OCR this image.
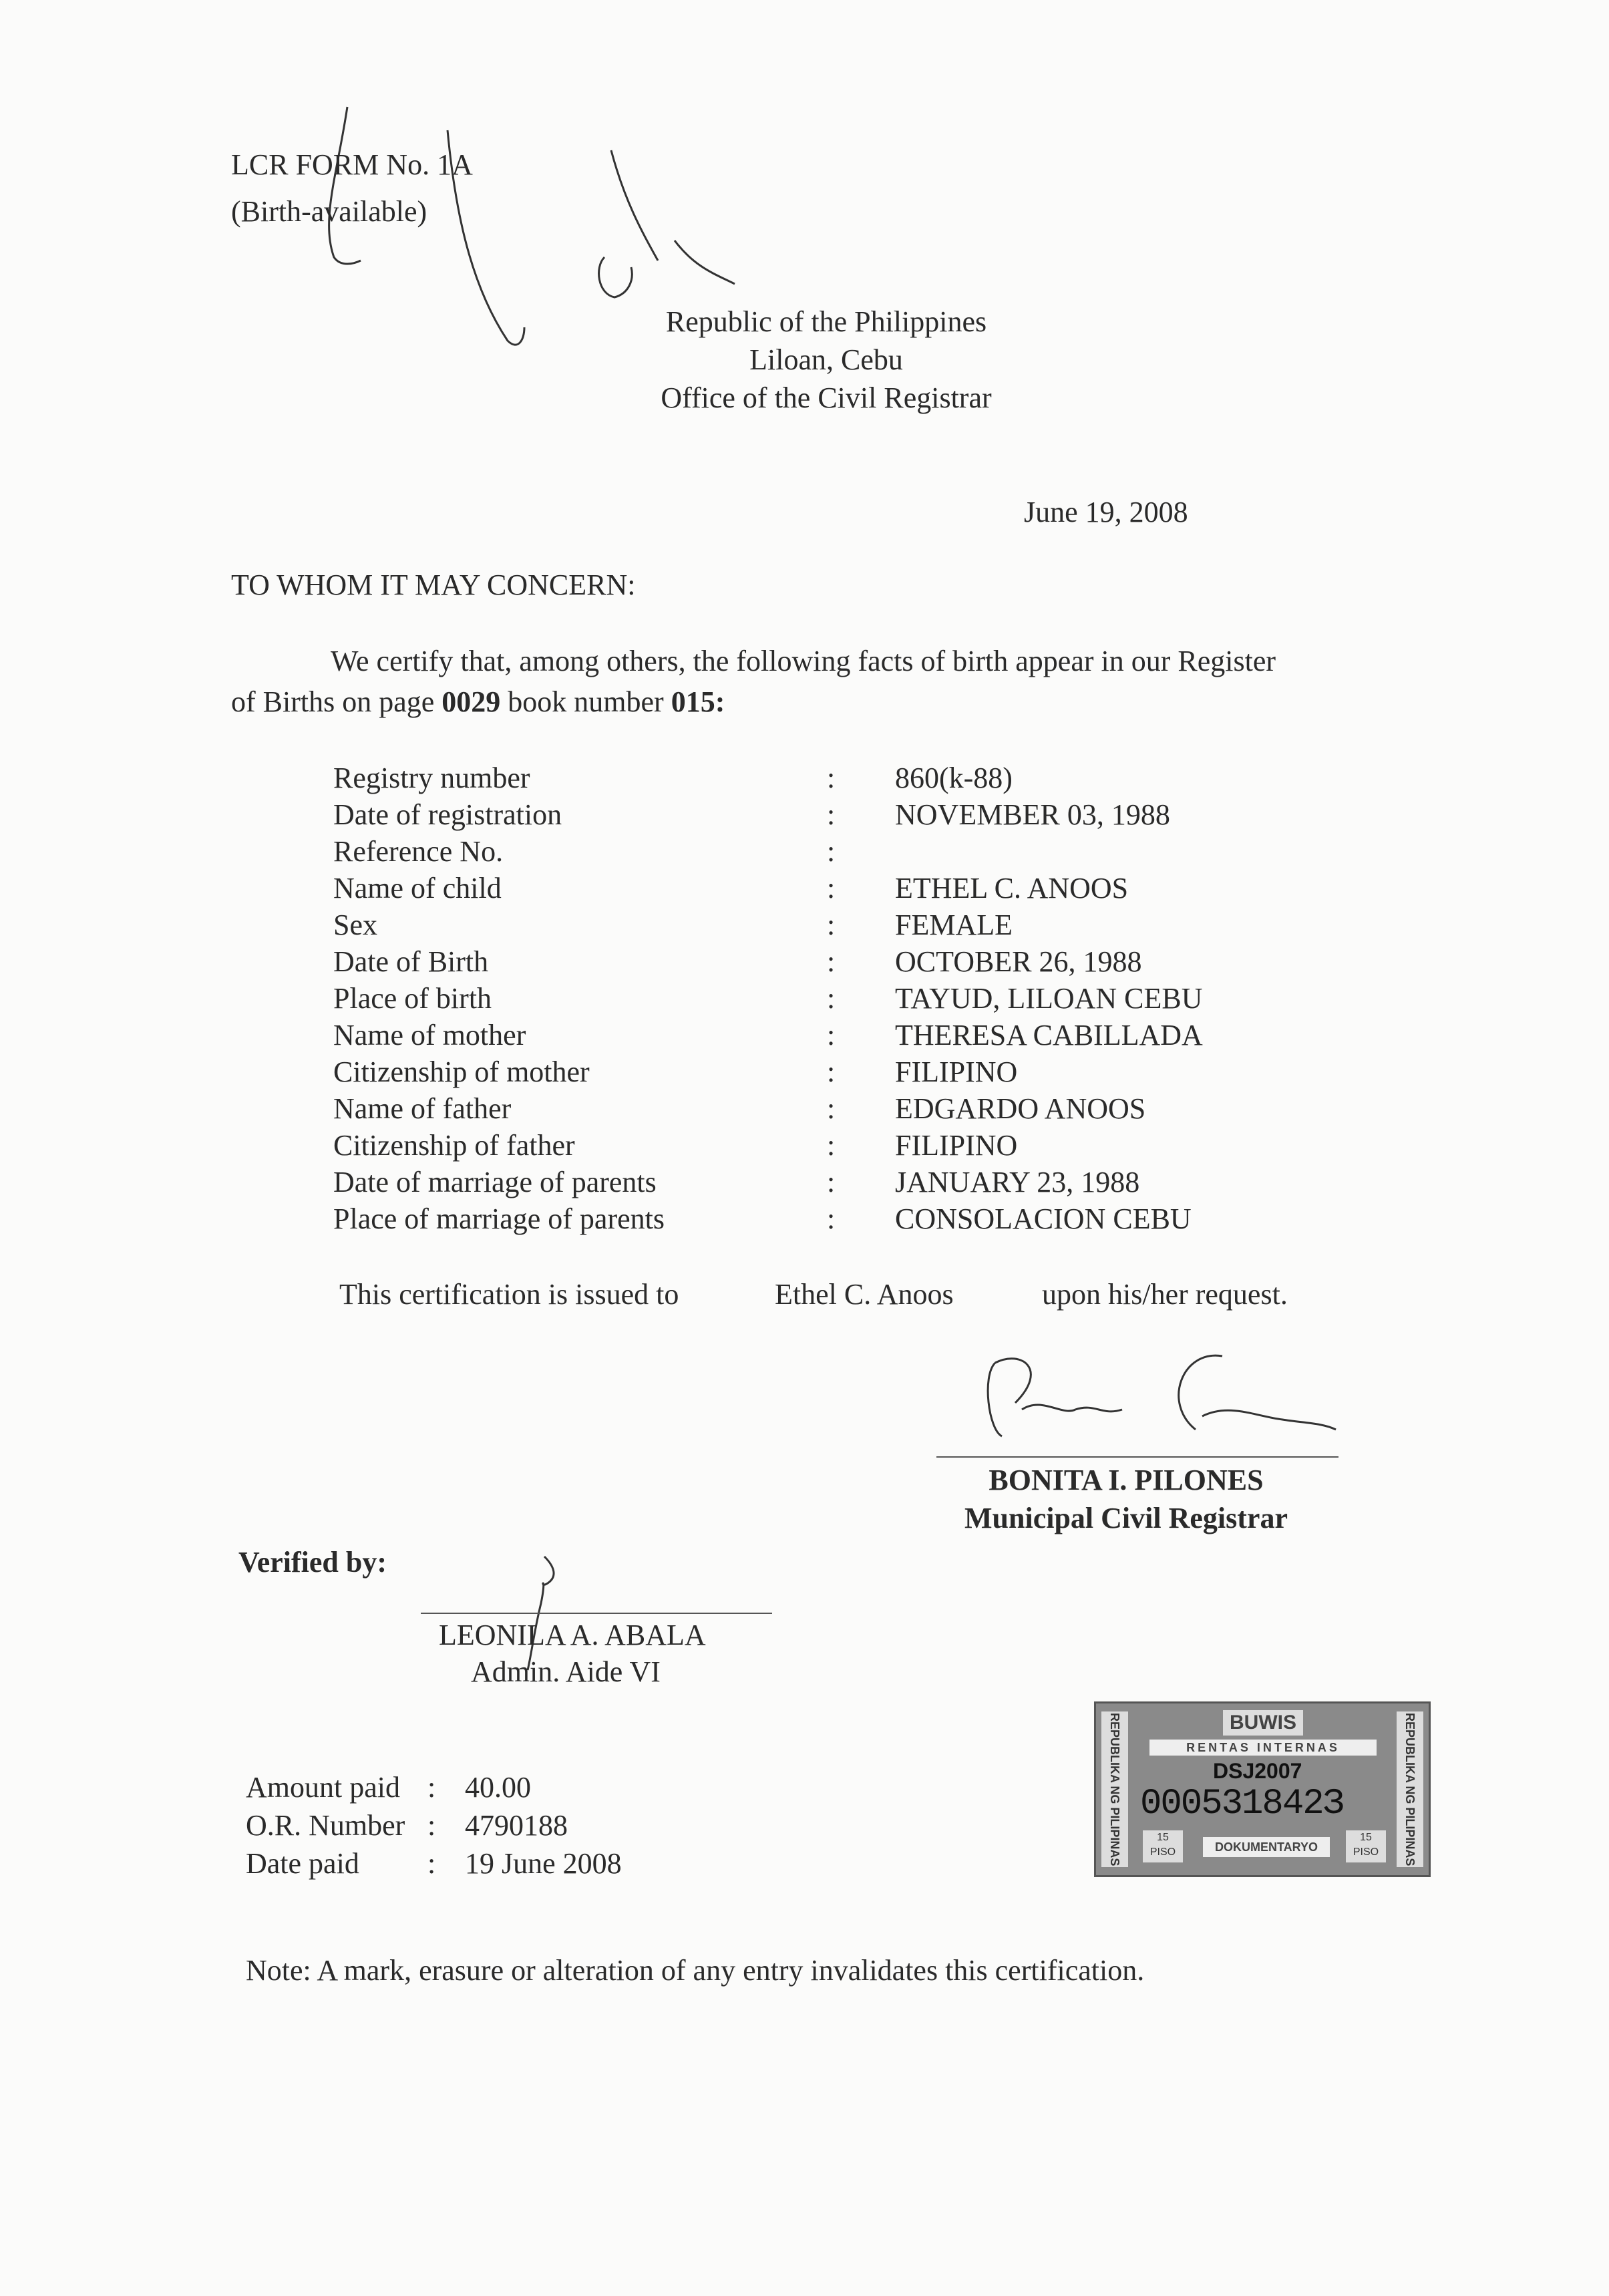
LCR FORM No. 1A
(Birth-available)
Republic of the Philippines
Liloan, Cebu
Office of the Civil Registrar
June 19, 2008
TO WHOM IT MAY CONCERN:
We certify that, among others, the following facts of birth appear in our Register
of Births on page 0029 book number 015:
Registry number	: 860(k-88)
Date of registration	: NOVEMBER 03, 1988
Reference No.	:
Name of child	: ETHEL C. ANOOS
Sex	: FEMALE
Date of Birth	: OCTOBER 26, 1988
Place of birth	: TAYUD, LILOAN CEBU
Name of mother	: THERESA CABILLADA
Citizenship of mother	: FILIPINO
Name of father	: EDGARDO ANOOS
Citizenship of father	: FILIPINO
Date of marriage of parents	: JANUARY 23, 1988
Place of marriage of parents	: CONSOLACION CEBU
This certification is issued to	Ethel C. Anoos	upon his/her request.
BONITA I. PILONES
Municipal Civil Registrar
Verified by:
LEONILA A. ABALA
Admin. Aide VI
Amount paid : 40.00
O.R. Number : 4790188
Date paid : 19 June 2008	REPUBLIKA NG PILIPINAS	REPUBLIKA NG PILIPINAS
BUWIS
RENTAS INTERNAS
DSJ2007
000531842З
15
PISO
15
PISO
DOKUMENTARYO
Note: A mark, erasure or alteration of any entry invalidates this certification.
